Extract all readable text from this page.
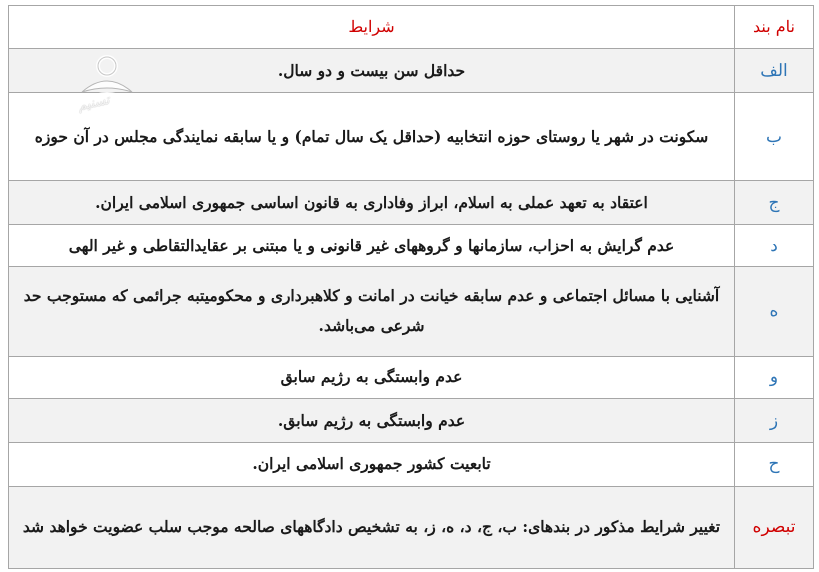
نام بند	شرایط
الف	حداقل سن بیست و دو سال.
ب	سکونت در شهر یا روستای حوزه انتخابیه (حداقل یک سال تمام) و یا سابقه نمایندگی مجلس در آن حوزه
ج	اعتقاد به تعهد عملی به اسلام، ابراز وفاداری به قانون اساسی جمهوری اسلامی ایران.
د	عدم گرایش به احزاب، سازمانها و گروههای غیر قانونی و یا مبتنی بر عقایدالتقاطی و غیر الهی
ه	آشنایی با مسائل اجتماعی و عدم سابقه خیانت در امانت و کلاهبرداری و محکومیتبه جرائمی که مستوجب حد شرعی می‌باشد.
و	عدم وابستگی به رژیم سابق
ز	عدم وابستگی به رژیم سابق.
ح	تابعیت کشور جمهوری اسلامی ایران.
تبصره	تغییر شرایط مذکور در بندهای: ب، ج، د، ه، ز، به تشخیص دادگاههای صالحه موجب سلب عضویت خواهد شد
تسنیم
